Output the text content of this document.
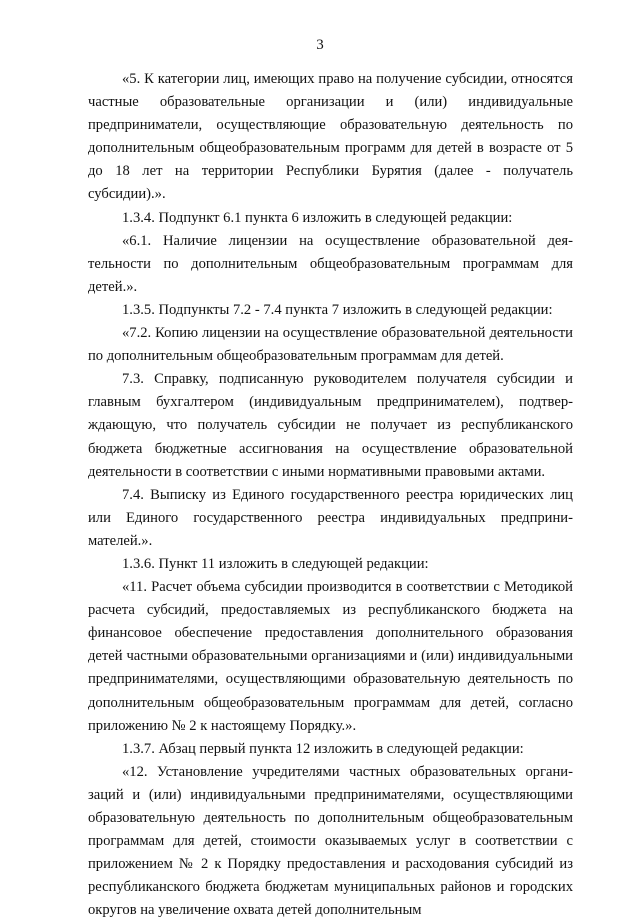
3

«5. К категории лиц, имеющих право на получение субсидии, относятся частные образовательные организации и (или) индивидуальные предприниматели, осуществляющие образовательную деятельность по дополнительным общеобразовательным программ для детей в возрасте от 5 до 18 лет на территории Республики Бурятия (далее - получатель субсидии).».

1.3.4. Подпункт 6.1 пункта 6 изложить в следующей редакции:

«6.1. Наличие лицензии на осуществление образовательной деятельности по дополнительным общеобразовательным программам для детей.».

1.3.5. Подпункты 7.2 - 7.4 пункта 7 изложить в следующей редакции:

«7.2. Копию лицензии на осуществление образовательной деятельности по дополнительным общеобразовательным программам для детей.

7.3. Справку, подписанную руководителем получателя субсидии и главным бухгалтером (индивидуальным предпринимателем), подтверждающую, что получатель субсидии не получает из республиканского бюджета бюджетные ассигнования на осуществление образовательной деятельности в соответствии с иными нормативными правовыми актами.

7.4. Выписку из Единого государственного реестра юридических лиц или Единого государственного реестра индивидуальных предпринимателей.».

1.3.6. Пункт 11 изложить в следующей редакции:

«11. Расчет объема субсидии производится в соответствии с Методикой расчета субсидий, предоставляемых из республиканского бюджета на финансовое обеспечение предоставления дополнительного образования детей частными образовательными организациями и (или) индивидуальными предпринимателями, осуществляющими образовательную деятельность по дополнительным общеобразовательным программам для детей, согласно приложению № 2 к настоящему Порядку.».

1.3.7. Абзац первый пункта 12 изложить в следующей редакции:

«12. Установление учредителями частных образовательных организаций и (или) индивидуальными предпринимателями, осуществляющими образовательную деятельность по дополнительным общеобразовательным программам для детей, стоимости оказываемых услуг в соответствии с приложением № 2 к Порядку предоставления и расходования субсидий из республиканского бюджета бюджетам муниципальных районов и городских округов на увеличение охвата детей дополнительным
